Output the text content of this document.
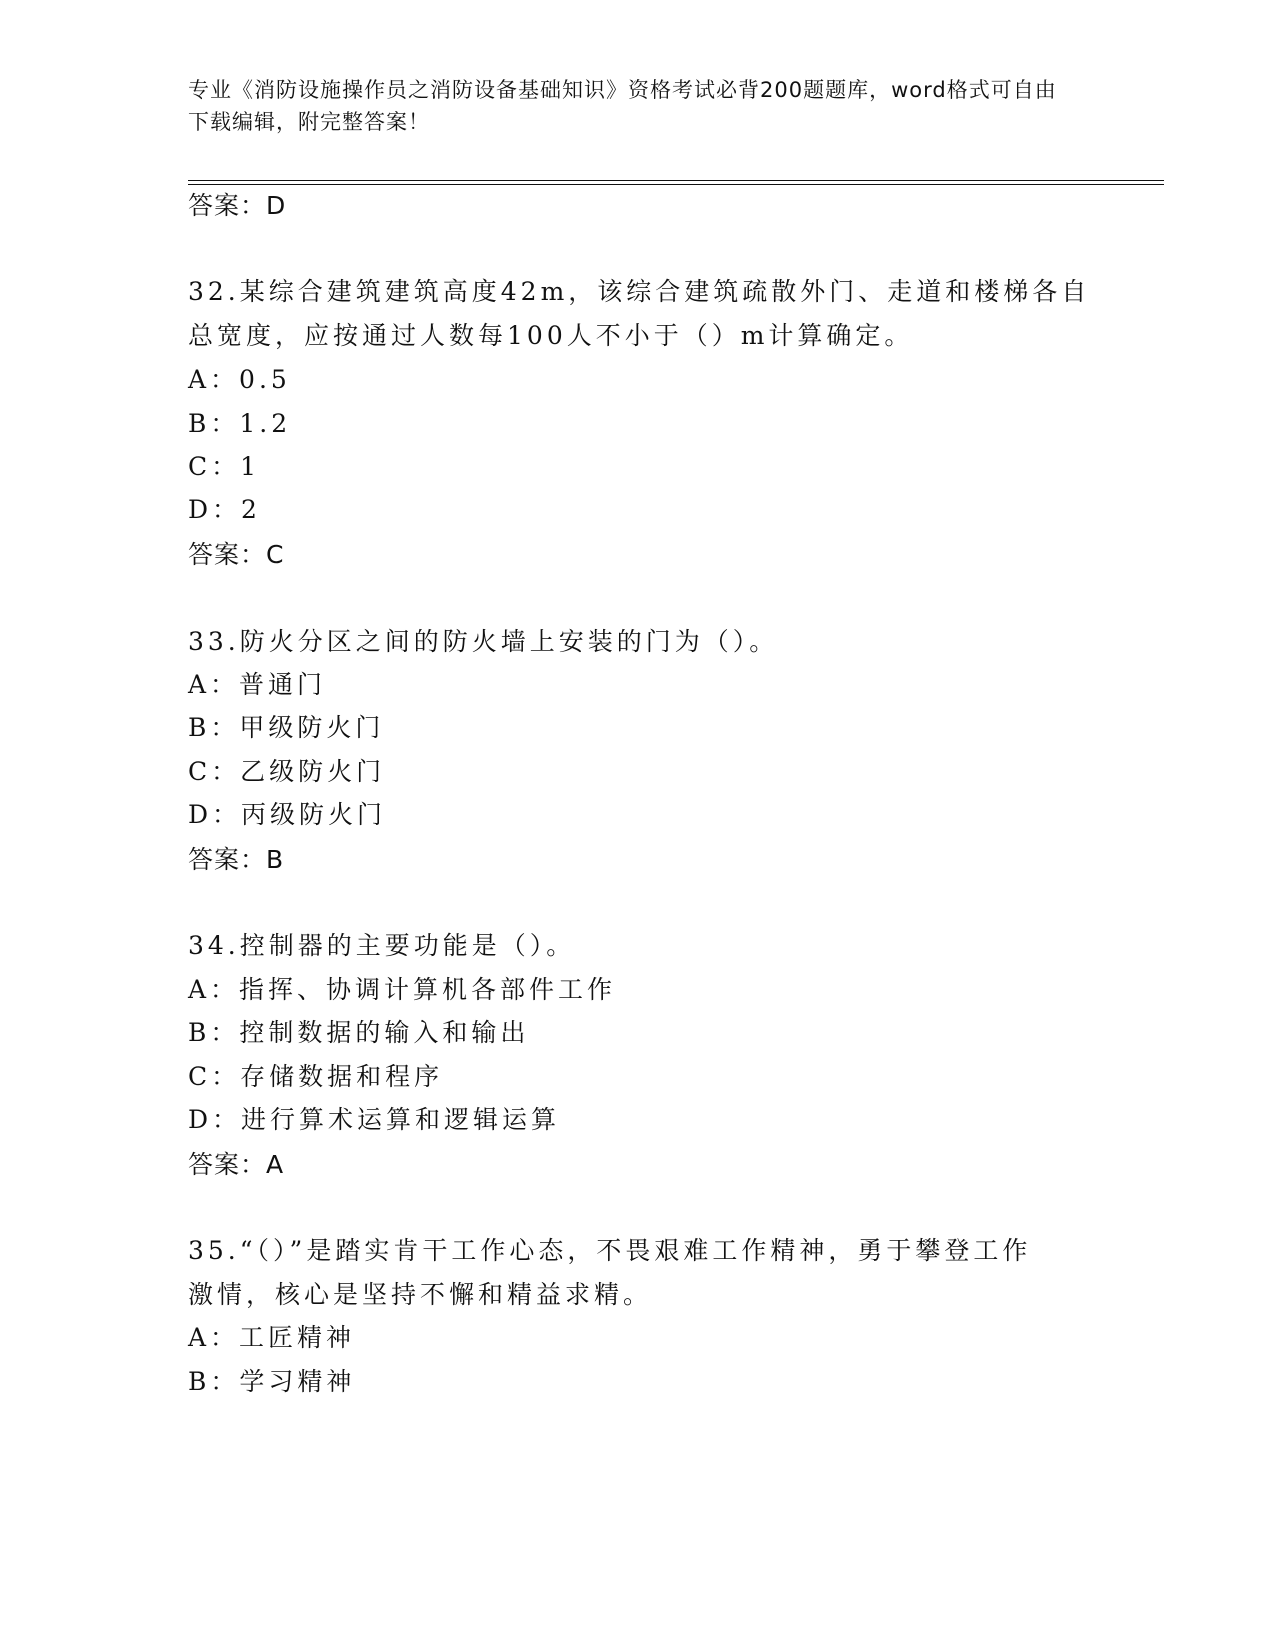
专业《消防设施操作员之消防设备基础知识》资格考试必背200题题库，word格式可自由下载编辑，附完整答案！
答案：D
32.某综合建筑建筑高度42m，该综合建筑疏散外门、走道和楼梯各自
总宽度，应按通过人数每100人不小于（）m计算确定。
A：0.5
B：1.2
C：1
D：2
答案：C
33.防火分区之间的防火墙上安装的门为（）。
A：普通门
B：甲级防火门
C：乙级防火门
D：丙级防火门
答案：B
34.控制器的主要功能是（）。
A：指挥、协调计算机各部件工作
B：控制数据的输入和输出
C：存储数据和程序
D：进行算术运算和逻辑运算
答案：A
35.“（）”是踏实肯干工作心态，不畏艰难工作精神，勇于攀登工作
激情，核心是坚持不懈和精益求精。
A：工匠精神
B：学习精神
